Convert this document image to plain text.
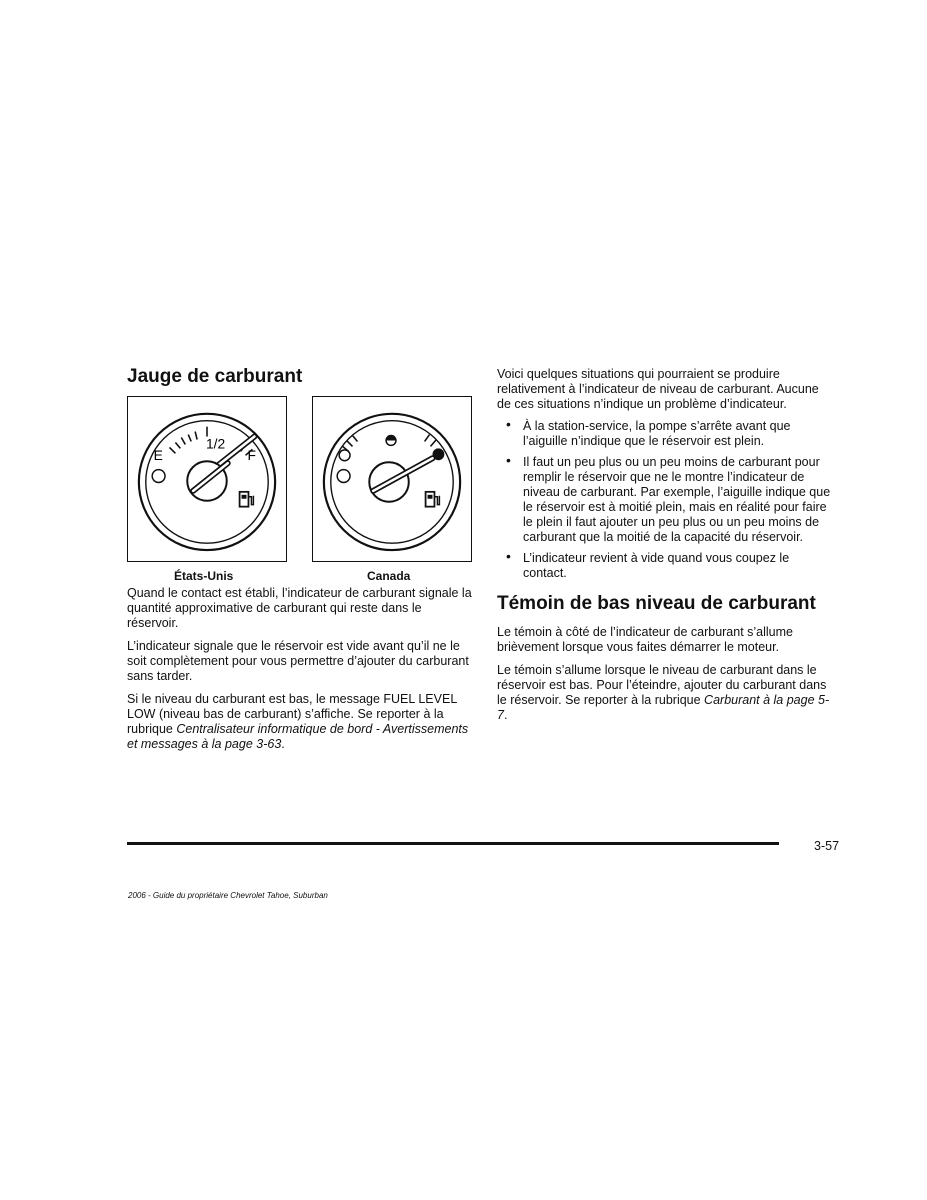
Jauge de carburant
1/2
E	F
États-Unis	Canada

Quand le contact est établi, l’indicateur de carburant signale la quantité approximative de carburant qui reste dans le réservoir.

L’indicateur signale que le réservoir est vide avant qu’il ne le soit complètement pour vous permettre d’ajouter du carburant sans tarder.

Si le niveau du carburant est bas, le message FUEL LEVEL LOW (niveau bas de carburant) s’affiche. Se reporter à la rubrique Centralisateur informatique de bord - Avertissements et messages à la page 3-63.

Voici quelques situations qui pourraient se produire relativement à l’indicateur de niveau de carburant. Aucune de ces situations n’indique un problème d’indicateur.

• À la station-service, la pompe s’arrête avant que l’aiguille n’indique que le réservoir est plein.
• Il faut un peu plus ou un peu moins de carburant pour remplir le réservoir que ne le montre l’indicateur de niveau de carburant. Par exemple, l’aiguille indique que le réservoir est à moitié plein, mais en réalité pour faire le plein il faut ajouter un peu plus ou un peu moins de carburant que la moitié de la capacité du réservoir.
• L’indicateur revient à vide quand vous coupez le contact.
Témoin de bas niveau de carburant

Le témoin à côté de l’indicateur de carburant s’allume brièvement lorsque vous faites démarrer le moteur.

Le témoin s’allume lorsque le niveau de carburant dans le réservoir est bas. Pour l’éteindre, ajouter du carburant dans le réservoir. Se reporter à la rubrique Carburant à la page 5-7.

3-57
2006 - Guide du propriétaire Chevrolet Tahoe, Suburban
